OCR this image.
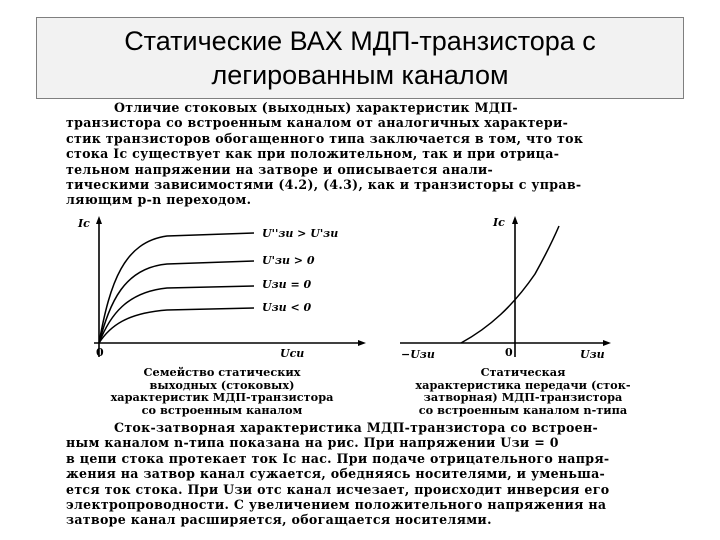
Статические ВАХ МДП-транзистора с
легированным каналом
Отличие стоковых (выходных) характеристик МДП-
транзистора со встроенным каналом от аналогичных характери-
стик транзисторов обогащенного типа заключается в том, что ток
стока Iс существует как при положительном, так и при отрица-
тельном напряжении на затворе и описывается анали-
тическими зависимостями (4.2), (4.3), как и транзисторы с управ-
ляющим p-n переходом.
Iс
0	Uси
U''зи > U'зи
U'зи > 0
Uзи = 0
Uзи < 0
Iс
−Uзи	0	Uзи
Семейство статических
выходных (стоковых)
характеристик МДП-транзистора
со встроенным каналом
Статическая
характеристика передачи (сток-
затворная) МДП-транзистора
со встроенным каналом n-типа
Сток-затворная характеристика МДП-транзистора со встроен-
ным каналом n-типа показана на рис. При напряжении Uзи = 0
в цепи стока протекает ток Iс нас. При подаче отрицательного напря-
жения на затвор канал сужается, обедняясь носителями, и уменьша-
ется ток стока. При Uзи отс канал исчезает, происходит инверсия его
электропроводности. С увеличением положительного напряжения на
затворе канал расширяется, обогащается носителями.
